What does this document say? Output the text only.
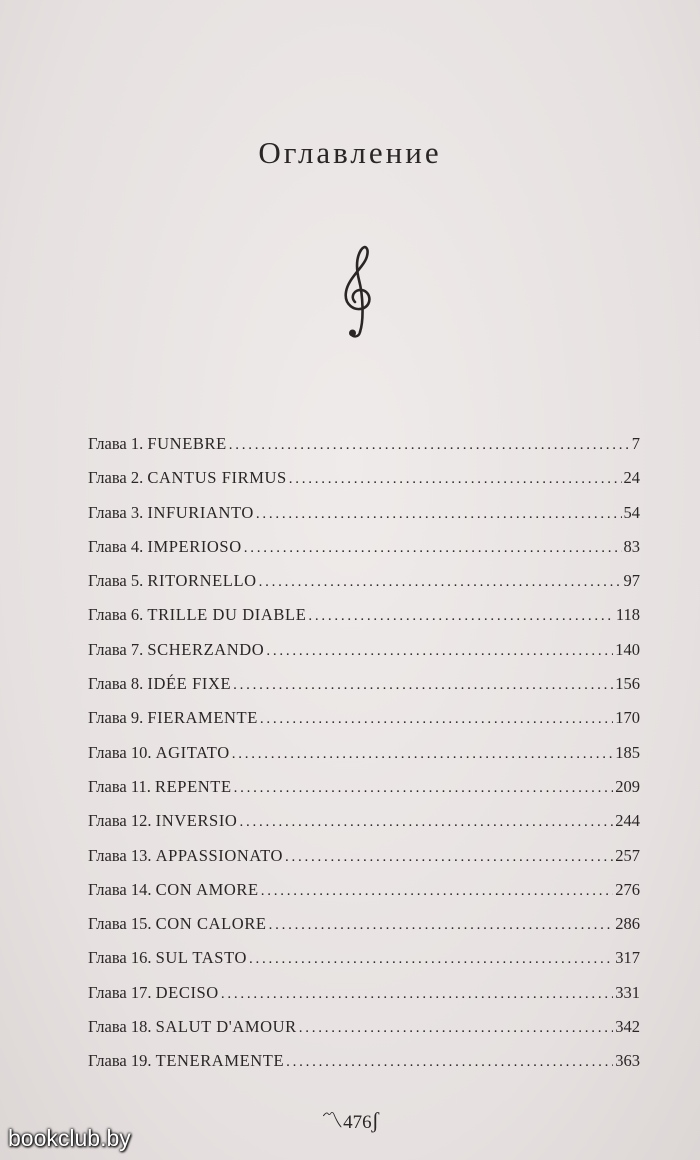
Оглавление
Глава 1. FUNEBRE . . .	7
Глава 2. CANTUS FIRMUS . . .	24
Глава 3. INFURIANTO . . .	54
Глава 4. IMPERIOSO . . .	83
Глава 5. RITORNELLO . . .	97
Глава 6. TRILLE DU DIABLE . . .	118
Глава 7. SCHERZANDO . . .	140
Глава 8. IDÉE FIXE . . .	156
Глава 9. FIERAMENTE . . .	170
Глава 10. AGITATO . . .	185
Глава 11. REPENTE . . .	209
Глава 12. INVERSIO . . .	244
Глава 13. APPASSIONATO . . .	257
Глава 14. CON AMORE . . .	276
Глава 15. CON CALORE . . .	286
Глава 16. SUL TASTO . . .	317
Глава 17. DECISO . . .	331
Глава 18. SALUT D'AMOUR . . .	342
Глава 19. TENERAMENTE . . .	363
〽476ʃ
bookclub.by
